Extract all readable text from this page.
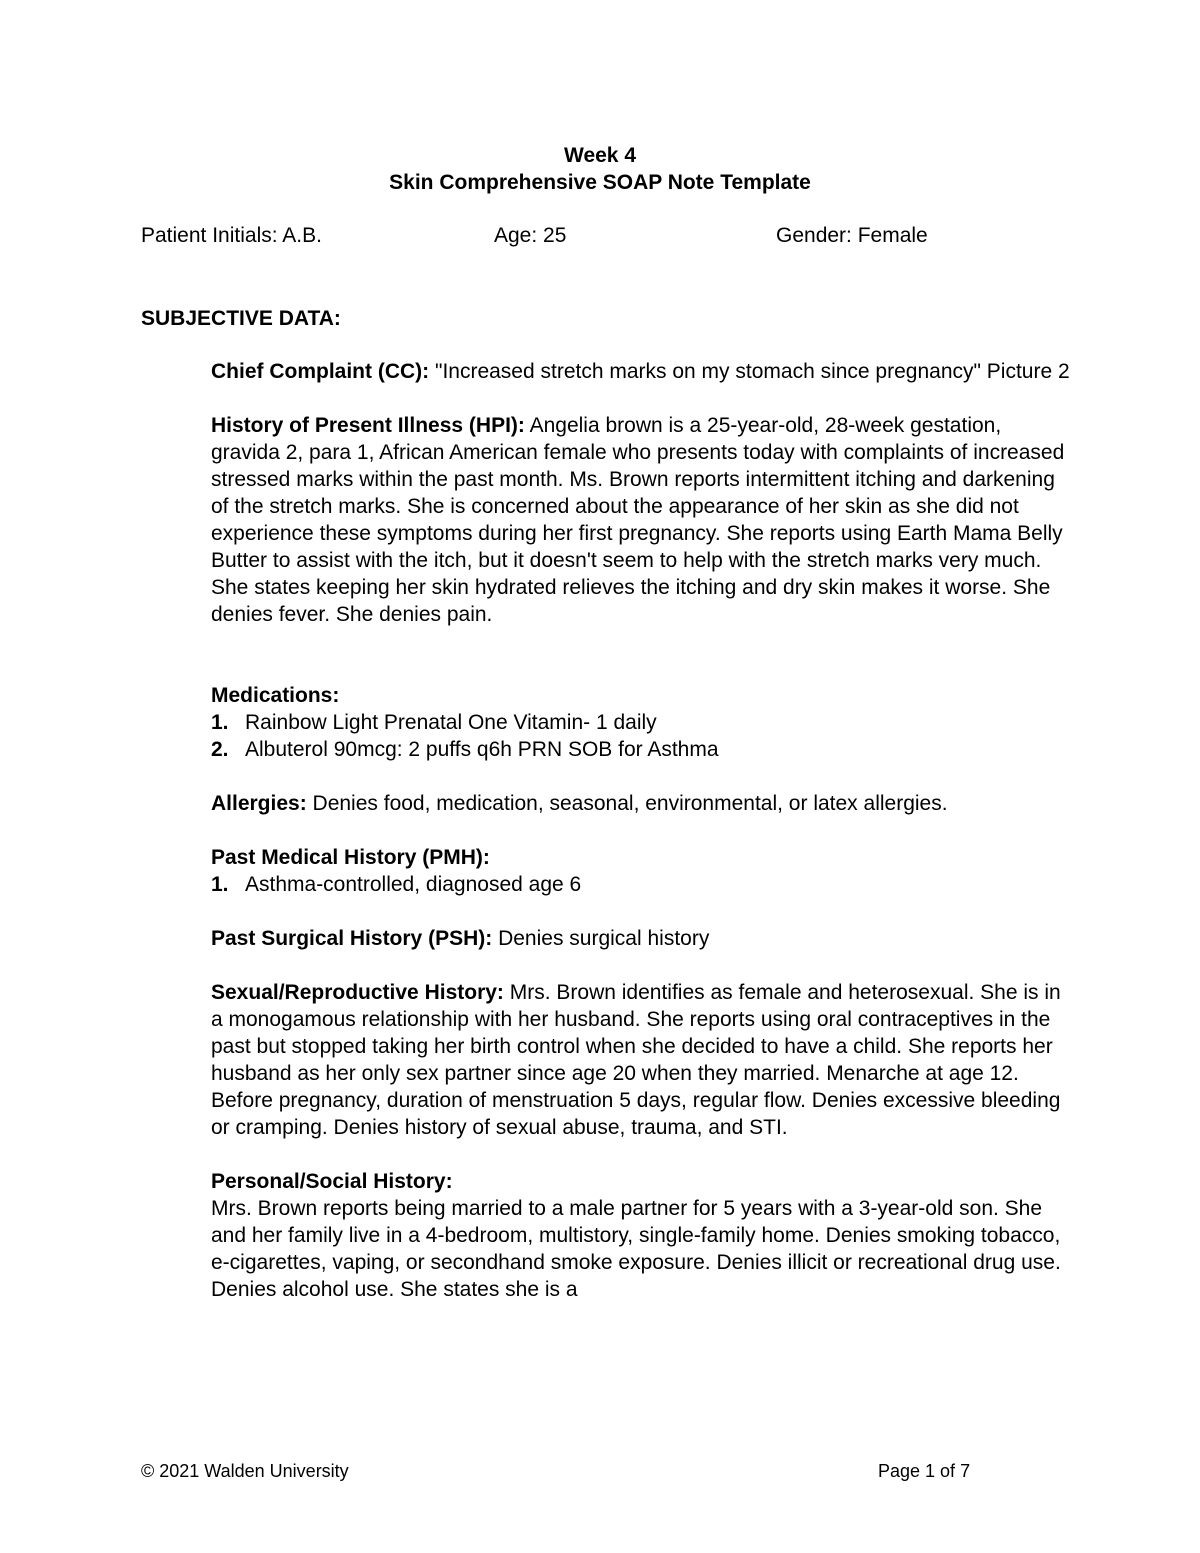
Week 4
Skin Comprehensive SOAP Note Template
Patient Initials: A.B.	Age: 25	Gender: Female
SUBJECTIVE DATA:

Chief Complaint (CC): "Increased stretch marks on my stomach since pregnancy" Picture 2

History of Present Illness (HPI): Angelia brown is a 25-year-old, 28-week gestation, gravida 2, para 1, African American female who presents today with complaints of increased stressed marks within the past month. Ms. Brown reports intermittent itching and darkening of the stretch marks. She is concerned about the appearance of her skin as she did not experience these symptoms during her first pregnancy. She reports using Earth Mama Belly Butter to assist with the itch, but it doesn't seem to help with the stretch marks very much. She states keeping her skin hydrated relieves the itching and dry skin makes it worse. She denies fever. She denies pain.

Medications:

1. Rainbow Light Prenatal One Vitamin- 1 daily

2. Albuterol 90mcg: 2 puffs q6h PRN SOB for Asthma

Allergies: Denies food, medication, seasonal, environmental, or latex allergies.

Past Medical History (PMH):

1. Asthma-controlled, diagnosed age 6

Past Surgical History (PSH): Denies surgical history

Sexual/Reproductive History: Mrs. Brown identifies as female and heterosexual. She is in a monogamous relationship with her husband. She reports using oral contraceptives in the past but stopped taking her birth control when she decided to have a child. She reports her husband as her only sex partner since age 20 when they married. Menarche at age 12. Before pregnancy, duration of menstruation 5 days, regular flow. Denies excessive bleeding or cramping. Denies history of sexual abuse, trauma, and STI.

Personal/Social History:

Mrs. Brown reports being married to a male partner for 5 years with a 3-year-old son. She and her family live in a 4-bedroom, multistory, single-family home. Denies smoking tobacco, e-cigarettes, vaping, or secondhand smoke exposure. Denies illicit or recreational drug use. Denies alcohol use. She states she is a

© 2021 Walden University	Page 1 of 7
